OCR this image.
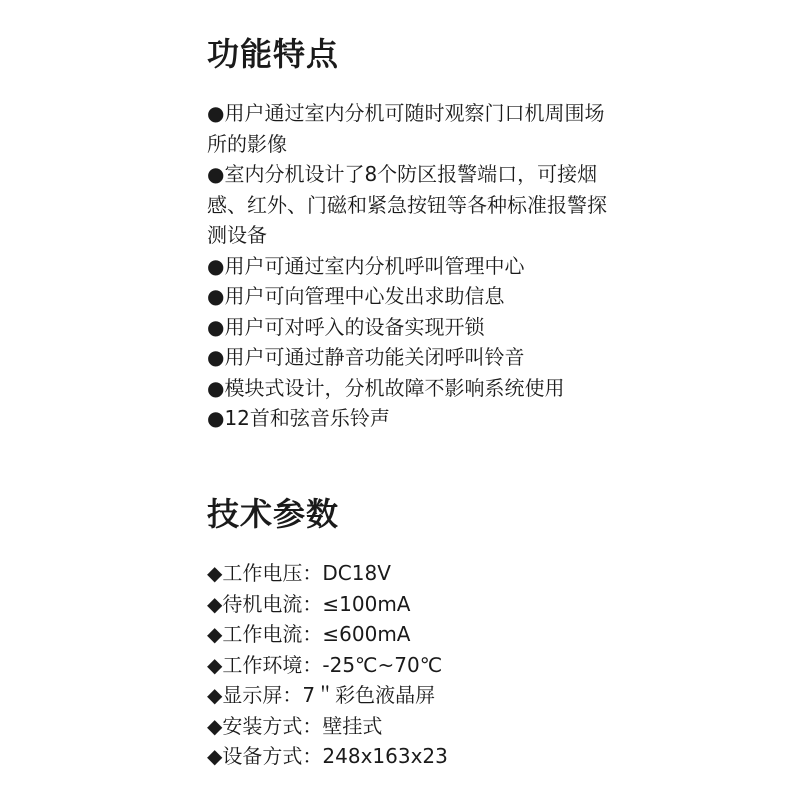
功能特点
●用户通过室内分机可随时观察门口机周围场所的影像
●室内分机设计了8个防区报警端口，可接烟感、红外、门磁和紧急按钮等各种标准报警探测设备
●用户可通过室内分机呼叫管理中心
●用户可向管理中心发出求助信息
●用户可对呼入的设备实现开锁
●用户可通过静音功能关闭呼叫铃音
●模块式设计，分机故障不影响系统使用
●12首和弦音乐铃声
技术参数
◆工作电压：DC18V
◆待机电流：≤100mA
◆工作电流：≤600mA
◆工作环境：-25℃~70℃
◆显示屏：7＂彩色液晶屏
◆安装方式：壁挂式
◆设备方式：248x163x23
